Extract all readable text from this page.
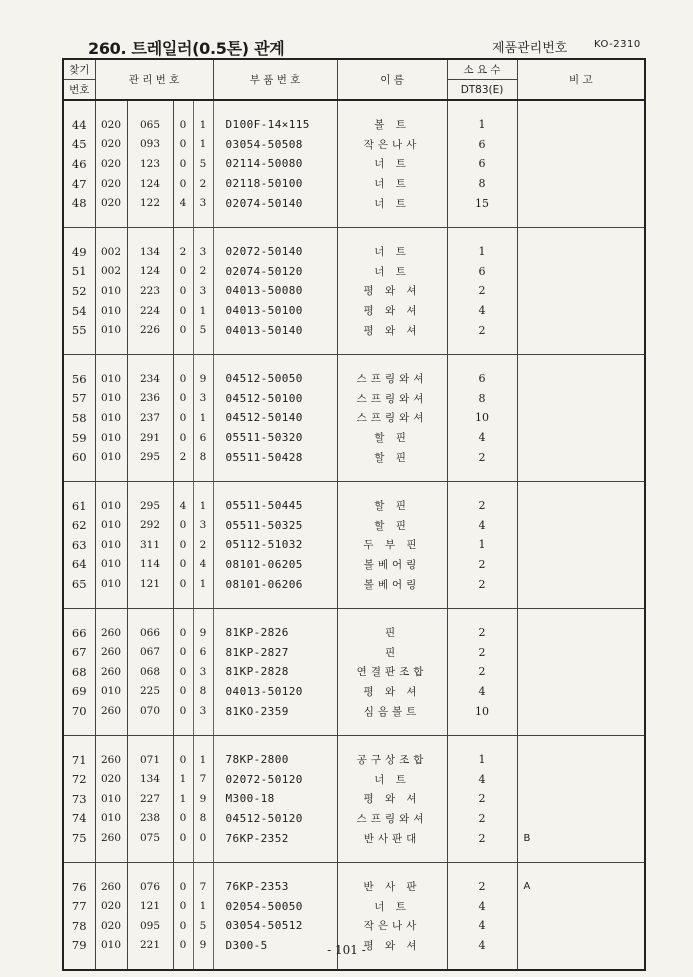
260. 트레일러(0.5톤) 관계	제품관리번호	KO-2310
찾기	관 리 번 호				부 품 번 호	이 름	소 요 수	비 고
번호							DT83(E)	

44	020	065	0	1	D100F-14×115	볼 트	1	
45	020	093	0	1	03054-50508	작은나사	6	
46	020	123	0	5	02114-50080	너 트	6	
47	020	124	0	2	02118-50100	너 트	8	
48	020	122	4	3	02074-50140	너 트	15	

49	002	134	2	3	02072-50140	너 트	1	
51	002	124	0	2	02074-50120	너 트	6	
52	010	223	0	3	04013-50080	평 와 셔	2	
54	010	224	0	1	04013-50100	평 와 셔	4	
55	010	226	0	5	04013-50140	평 와 셔	2	

56	010	234	0	9	04512-50050	스프링와셔	6	
57	010	236	0	3	04512-50100	스프링와셔	8	
58	010	237	0	1	04512-50140	스프링와셔	10	
59	010	291	0	6	05511-50320	할 핀	4	
60	010	295	2	8	05511-50428	할 핀	2	

61	010	295	4	1	05511-50445	할 핀	2	
62	010	292	0	3	05511-50325	할 핀	4	
63	010	311	0	2	05112-51032	두 부 핀	1	
64	010	114	0	4	08101-06205	볼베어링	2	
65	010	121	0	1	08101-06206	볼베어링	2	

66	260	066	0	9	81KP-2826	핀	2	
67	260	067	0	6	81KP-2827	핀	2	
68	260	068	0	3	81KP-2828	연결판조합	2	
69	010	225	0	8	04013-50120	평 와 셔	4	
70	260	070	0	3	81KO-2359	심음볼트	10	

71	260	071	0	1	78KP-2800	공구상조합	1	
72	020	134	1	7	02072-50120	너 트	4	
73	010	227	1	9	M300-18	평 와 셔	2	
74	010	238	0	8	04512-50120	스프링와셔	2	
75	260	075	0	0	76KP-2352	반사판대	2	B

76	260	076	0	7	76KP-2353	반 사 판	2	A
77	020	121	0	1	02054-50050	너 트	4	
78	020	095	0	5	03054-50512	작은나사	4	
79	010	221	0	9	D300-5	평 와 셔	4	

- 101 -
